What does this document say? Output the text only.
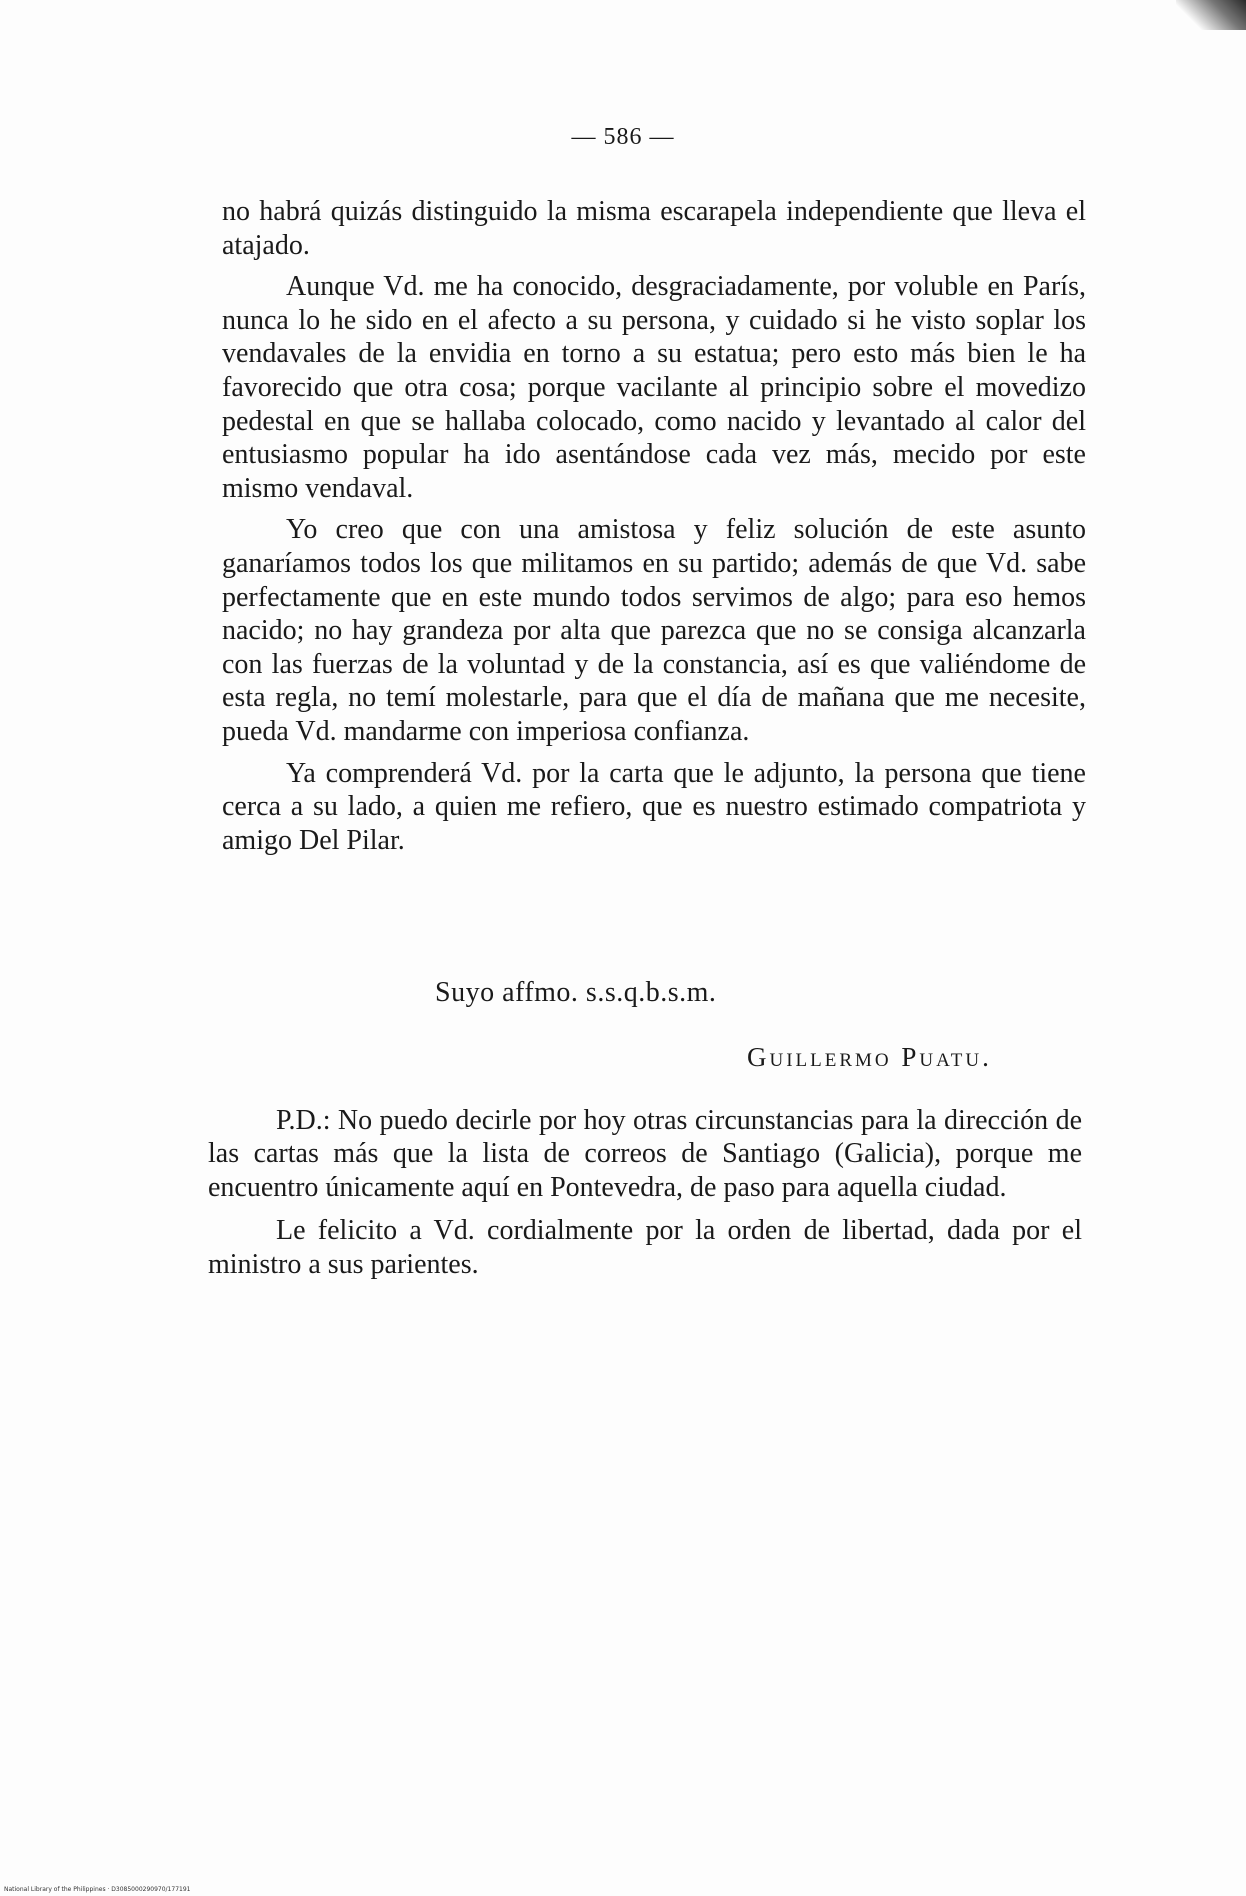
— 586 —

no habrá quizás distinguido la misma escarapela independiente que lleva el atajado.

Aunque Vd. me ha conocido, desgraciadamente, por voluble en París, nunca lo he sido en el afecto a su persona, y cuidado si he visto soplar los vendavales de la envidia en torno a su estatua; pero esto más bien le ha favorecido que otra cosa; porque vacilante al principio sobre el movedizo pedestal en que se hallaba colocado, como nacido y levantado al calor del entusiasmo popular ha ido asentándose cada vez más, mecido por este mismo vendaval.

Yo creo que con una amistosa y feliz solución de este asunto ganaríamos todos los que militamos en su partido; además de que Vd. sabe perfectamente que en este mundo todos servimos de algo; para eso hemos nacido; no hay grandeza por alta que parezca que no se consiga alcanzarla con las fuerzas de la voluntad y de la constancia, así es que valiéndome de esta regla, no temí molestarle, para que el día de mañana que me necesite, pueda Vd. mandarme con imperiosa confianza.

Ya comprenderá Vd. por la carta que le adjunto, la persona que tiene cerca a su lado, a quien me refiero, que es nuestro estimado compatriota y amigo Del Pilar.

Suyo affmo. s.s.q.b.s.m.
Guillermo Puatu.

P.D.: No puedo decirle por hoy otras circunstancias para la dirección de las cartas más que la lista de correos de Santiago (Galicia), porque me encuentro únicamente aquí en Pontevedra, de paso para aquella ciudad.

Le felicito a Vd. cordialmente por la orden de libertad, dada por el ministro a sus parientes.

National Library of the Philippines · D3085000290970/177191
